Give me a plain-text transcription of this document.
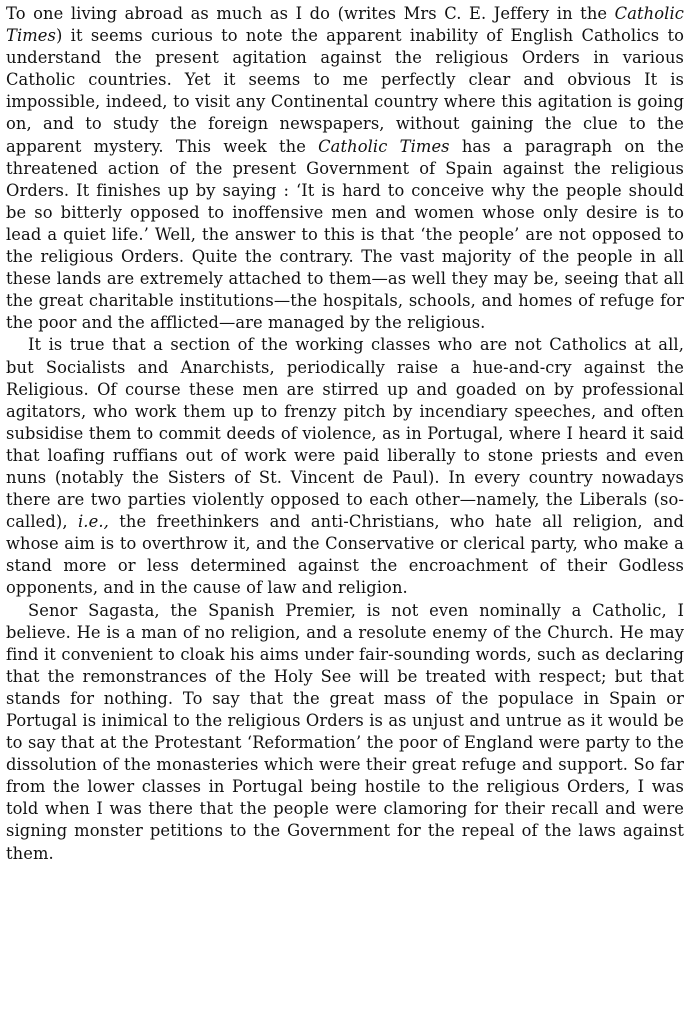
To one living abroad as much as I do (writes Mrs C. E. Jeffery in the Catholic Times) it seems curious to note the apparent inability of English Catholics to understand the present agitation against the religious Orders in various Catholic countries. Yet it seems to me perfectly clear and obvious It is impossible, indeed, to visit any Continental country where this agitation is going on, and to study the foreign newspapers, without gaining the clue to the apparent mystery. This week the Catholic Times has a paragraph on the threatened action of the present Government of Spain against the religious Orders. It finishes up by saying : ‘It is hard to conceive why the people should be so bitterly opposed to inoffensive men and women whose only desire is to lead a quiet life.’ Well, the answer to this is that ‘the people’ are not opposed to the religious Orders. Quite the contrary. The vast majority of the people in all these lands are extremely attached to them—as well they may be, seeing that all the great charitable institutions—the hospitals, schools, and homes of refuge for the poor and the afflicted—are managed by the religious.

It is true that a section of the working classes who are not Catholics at all, but Socialists and Anarchists, periodically raise a hue-and-cry against the Religious. Of course these men are stirred up and goaded on by professional agitators, who work them up to frenzy pitch by incendiary speeches, and often subsidise them to commit deeds of violence, as in Portugal, where I heard it said that loafing ruffians out of work were paid liberally to stone priests and even nuns (notably the Sisters of St. Vincent de Paul). In every country nowadays there are two parties violently opposed to each other—namely, the Liberals (so-called), i.e., the freethinkers and anti-Christians, who hate all religion, and whose aim is to overthrow it, and the Conservative or clerical party, who make a stand more or less determined against the encroachment of their Godless opponents, and in the cause of law and religion.

Senor Sagasta, the Spanish Premier, is not even nominally a Catholic, I believe. He is a man of no religion, and a resolute enemy of the Church. He may find it convenient to cloak his aims under fair-sounding words, such as declaring that the remonstrances of the Holy See will be treated with respect; but that stands for nothing. To say that the great mass of the populace in Spain or Portugal is inimical to the religious Orders is as unjust and untrue as it would be to say that at the Protestant ‘Reformation’ the poor of England were party to the dissolution of the monasteries which were their great refuge and support. So far from the lower classes in Portugal being hostile to the religious Orders, I was told when I was there that the people were clamoring for their recall and were signing monster petitions to the Government for the repeal of the laws against them.
